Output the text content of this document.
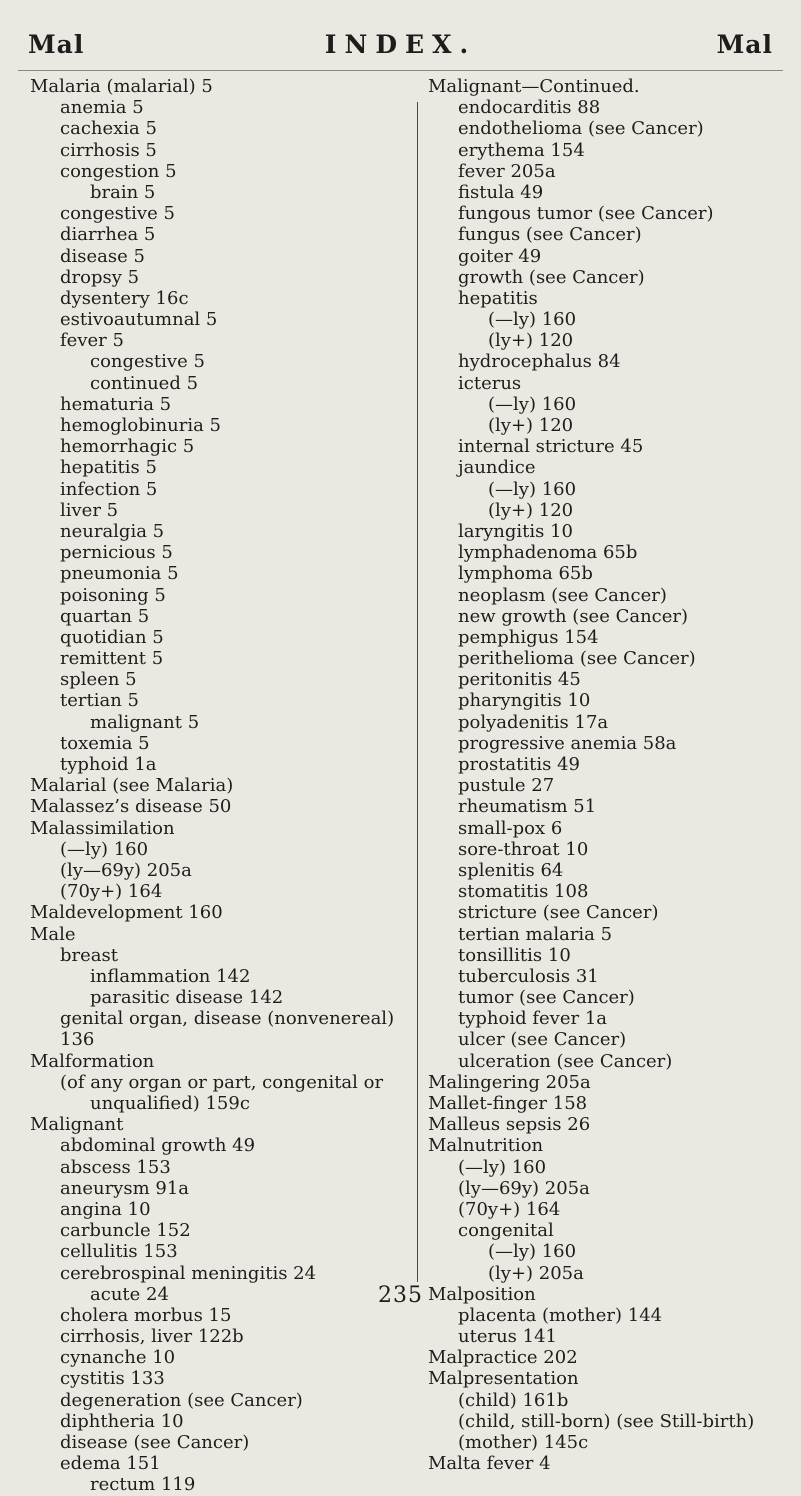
Mal	INDEX.	Mal
Malaria (malarial) 5
anemia 5
cachexia 5
cirrhosis 5
congestion 5
brain 5
congestive 5
diarrhea 5
disease 5
dropsy 5
dysentery 16c
estivoautumnal 5
fever 5
congestive 5
continued 5
hematuria 5
hemoglobinuria 5
hemorrhagic 5
hepatitis 5
infection 5
liver 5
neuralgia 5
pernicious 5
pneumonia 5
poisoning 5
quartan 5
quotidian 5
remittent 5
spleen 5
tertian 5
malignant 5
toxemia 5
typhoid 1a
Malarial (see Malaria)
Malassez’s disease 50
Malassimilation
(—ly) 160
(ly—69y) 205a
(70y+) 164
Maldevelopment 160
Male
breast
inflammation 142
parasitic disease 142
genital organ, disease (nonvenereal)
136
Malformation
(of any organ or part, congenital or
unqualified) 159c
Malignant
abdominal growth 49
abscess 153
aneurysm 91a
angina 10
carbuncle 152
cellulitis 153
cerebrospinal meningitis 24
acute 24
cholera morbus 15
cirrhosis, liver 122b
cynanche 10
cystitis 133
degeneration (see Cancer)
diphtheria 10
disease (see Cancer)
edema 151
rectum 119
Malignant—Continued.
endocarditis 88
endothelioma (see Cancer)
erythema 154
fever 205a
fistula 49
fungous tumor (see Cancer)
fungus (see Cancer)
goiter 49
growth (see Cancer)
hepatitis
(—ly) 160
(ly+) 120
hydrocephalus 84
icterus
(—ly) 160
(ly+) 120
internal stricture 45
jaundice
(—ly) 160
(ly+) 120
laryngitis 10
lymphadenoma 65b
lymphoma 65b
neoplasm (see Cancer)
new growth (see Cancer)
pemphigus 154
perithelioma (see Cancer)
peritonitis 45
pharyngitis 10
polyadenitis 17a
progressive anemia 58a
prostatitis 49
pustule 27
rheumatism 51
small-pox 6
sore-throat 10
splenitis 64
stomatitis 108
stricture (see Cancer)
tertian malaria 5
tonsillitis 10
tuberculosis 31
tumor (see Cancer)
typhoid fever 1a
ulcer (see Cancer)
ulceration (see Cancer)
Malingering 205a
Mallet-finger 158
Malleus sepsis 26
Malnutrition
(—ly) 160
(ly—69y) 205a
(70y+) 164
congenital
(—ly) 160
(ly+) 205a
Malposition
placenta (mother) 144
uterus 141
Malpractice 202
Malpresentation
(child) 161b
(child, still-born) (see Still-birth)
(mother) 145c
Malta fever 4
235
